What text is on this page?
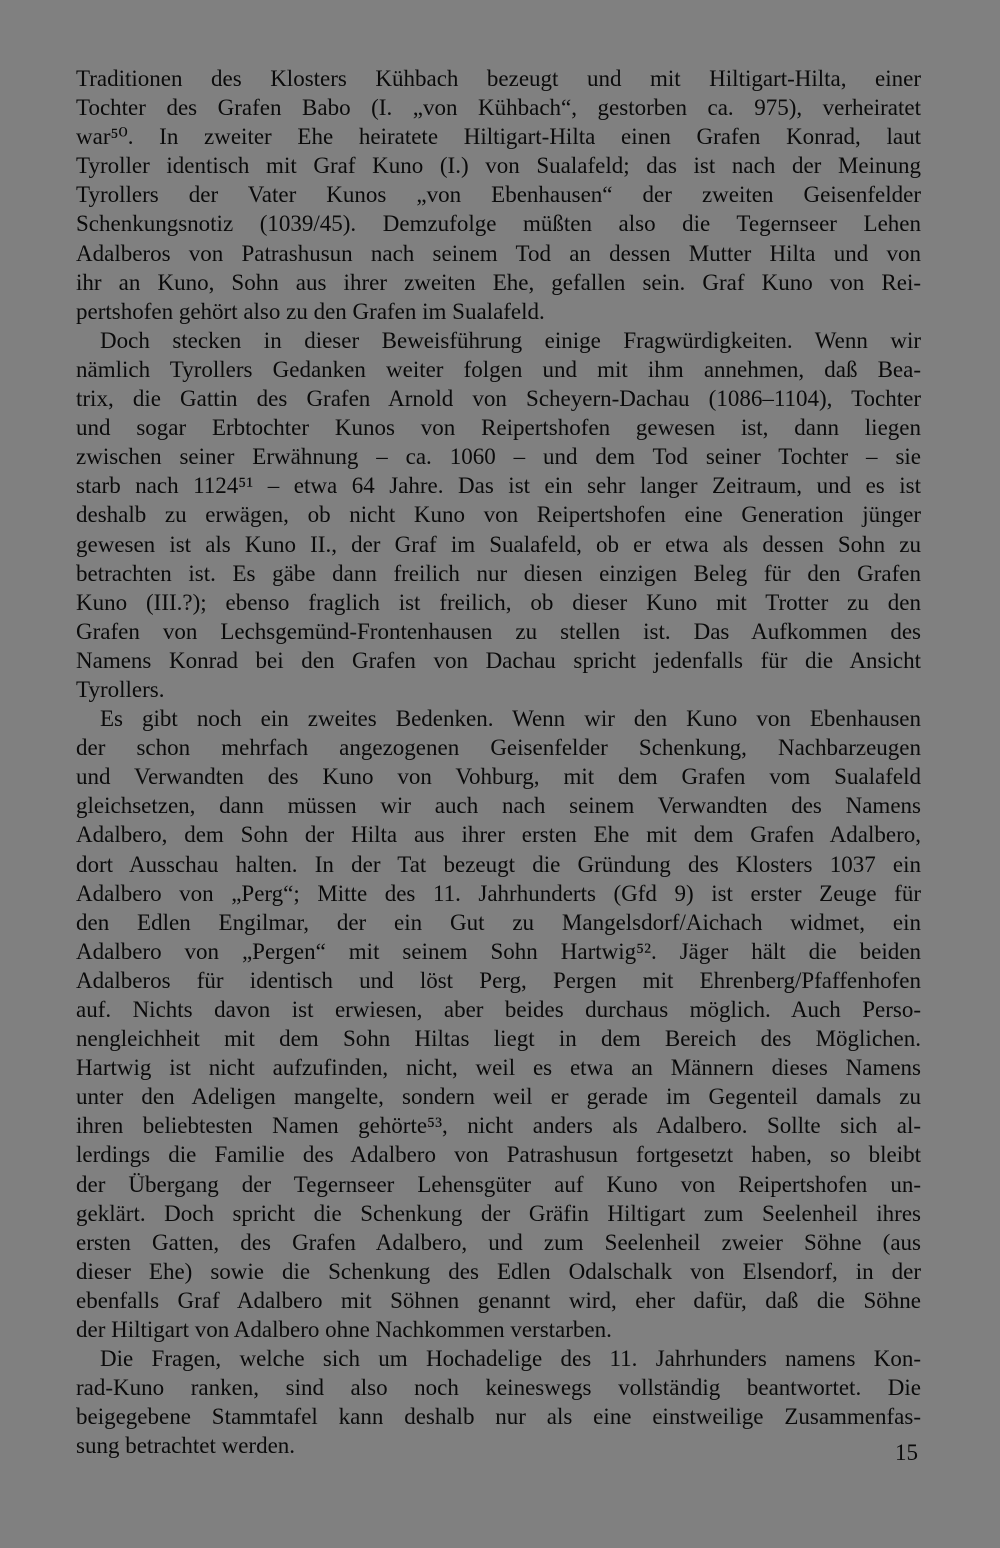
Traditionen des Klosters Kühbach bezeugt und mit Hiltigart-Hilta, einer
Tochter des Grafen Babo (I. „von Kühbach“, gestorben ca. 975), verheiratet
war⁵⁰. In zweiter Ehe heiratete Hiltigart-Hilta einen Grafen Konrad, laut
Tyroller identisch mit Graf Kuno (I.) von Sualafeld; das ist nach der Meinung
Tyrollers der Vater Kunos „von Ebenhausen“ der zweiten Geisenfelder
Schenkungsnotiz (1039/45). Demzufolge müßten also die Tegernseer Lehen
Adalberos von Patrashusun nach seinem Tod an dessen Mutter Hilta und von
ihr an Kuno, Sohn aus ihrer zweiten Ehe, gefallen sein. Graf Kuno von Rei-
pertshofen gehört also zu den Grafen im Sualafeld.
Doch stecken in dieser Beweisführung einige Fragwürdigkeiten. Wenn wir
nämlich Tyrollers Gedanken weiter folgen und mit ihm annehmen, daß Bea-
trix, die Gattin des Grafen Arnold von Scheyern-Dachau (1086–1104), Tochter
und sogar Erbtochter Kunos von Reipertshofen gewesen ist, dann liegen
zwischen seiner Erwähnung – ca. 1060 – und dem Tod seiner Tochter – sie
starb nach 1124⁵¹ – etwa 64 Jahre. Das ist ein sehr langer Zeitraum, und es ist
deshalb zu erwägen, ob nicht Kuno von Reipertshofen eine Generation jünger
gewesen ist als Kuno II., der Graf im Sualafeld, ob er etwa als dessen Sohn zu
betrachten ist. Es gäbe dann freilich nur diesen einzigen Beleg für den Grafen
Kuno (III.?); ebenso fraglich ist freilich, ob dieser Kuno mit Trotter zu den
Grafen von Lechsgemünd-Frontenhausen zu stellen ist. Das Aufkommen des
Namens Konrad bei den Grafen von Dachau spricht jedenfalls für die Ansicht
Tyrollers.
Es gibt noch ein zweites Bedenken. Wenn wir den Kuno von Ebenhausen
der schon mehrfach angezogenen Geisenfelder Schenkung, Nachbarzeugen
und Verwandten des Kuno von Vohburg, mit dem Grafen vom Sualafeld
gleichsetzen, dann müssen wir auch nach seinem Verwandten des Namens
Adalbero, dem Sohn der Hilta aus ihrer ersten Ehe mit dem Grafen Adalbero,
dort Ausschau halten. In der Tat bezeugt die Gründung des Klosters 1037 ein
Adalbero von „Perg“; Mitte des 11. Jahrhunderts (Gfd 9) ist erster Zeuge für
den Edlen Engilmar, der ein Gut zu Mangelsdorf/Aichach widmet, ein
Adalbero von „Pergen“ mit seinem Sohn Hartwig⁵². Jäger hält die beiden
Adalberos für identisch und löst Perg, Pergen mit Ehrenberg/Pfaffenhofen
auf. Nichts davon ist erwiesen, aber beides durchaus möglich. Auch Perso-
nengleichheit mit dem Sohn Hiltas liegt in dem Bereich des Möglichen.
Hartwig ist nicht aufzufinden, nicht, weil es etwa an Männern dieses Namens
unter den Adeligen mangelte, sondern weil er gerade im Gegenteil damals zu
ihren beliebtesten Namen gehörte⁵³, nicht anders als Adalbero. Sollte sich al-
lerdings die Familie des Adalbero von Patrashusun fortgesetzt haben, so bleibt
der Übergang der Tegernseer Lehensgüter auf Kuno von Reipertshofen un-
geklärt. Doch spricht die Schenkung der Gräfin Hiltigart zum Seelenheil ihres
ersten Gatten, des Grafen Adalbero, und zum Seelenheil zweier Söhne (aus
dieser Ehe) sowie die Schenkung des Edlen Odalschalk von Elsendorf, in der
ebenfalls Graf Adalbero mit Söhnen genannt wird, eher dafür, daß die Söhne
der Hiltigart von Adalbero ohne Nachkommen verstarben.
Die Fragen, welche sich um Hochadelige des 11. Jahrhunders namens Kon-
rad-Kuno ranken, sind also noch keineswegs vollständig beantwortet. Die
beigegebene Stammtafel kann deshalb nur als eine einstweilige Zusammenfas-
sung betrachtet werden.	15
